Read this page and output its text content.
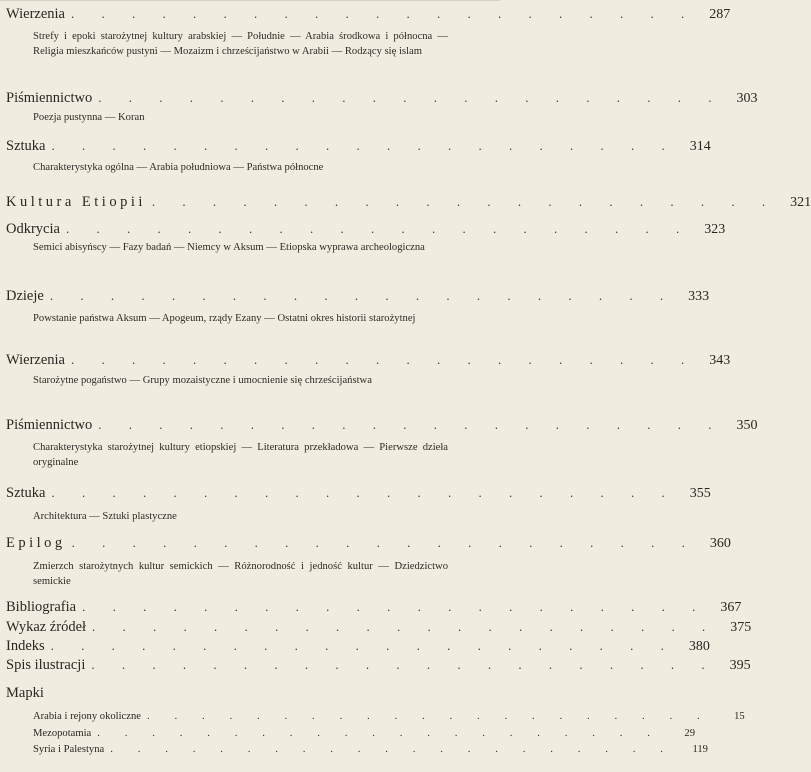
Wierzenia . . . . . . . . . . . . . . . . . . . . . 287
Strefy i epoki starożytnej kultury arabskiej — Południe — Arabia środkowa i północna — Religia mieszkańców pustyni — Mozaizm i chrześcijaństwo w Arabii — Rodzący się islam
Piśmiennictwo . . . . . . . . . . . . . . . . . . . . . 303
Poezja pustynna — Koran
Sztuka . . . . . . . . . . . . . . . . . . . . . 314
Charakterystyka ogólna — Arabia południowa — Państwa północne
Kultura Etiopii . . . . . . . . . . . . . . . . . . . . . 321
Odkrycia . . . . . . . . . . . . . . . . . . . . . 323
Semici abisyńscy — Fazy badań — Niemcy w Aksum — Etiopska wyprawa archeologiczna
Dzieje . . . . . . . . . . . . . . . . . . . . . 333
Powstanie państwa Aksum — Apogeum, rządy Ezany — Ostatni okres historii starożytnej
Wierzenia . . . . . . . . . . . . . . . . . . . . . 343
Starożytne pogaństwo — Grupy mozaistyczne i umocnienie się chrześcijaństwa
Piśmiennictwo . . . . . . . . . . . . . . . . . . . . . 350
Charakterystyka starożytnej kultury etiopskiej — Literatura przekładowa — Pierwsze dzieła oryginalne
Sztuka . . . . . . . . . . . . . . . . . . . . . 355
Architektura — Sztuki plastyczne
Epilog . . . . . . . . . . . . . . . . . . . . . 360
Zmierzch starożytnych kultur semickich — Różnorodność i jedność kultur — Dziedzictwo semickie
Bibliografia . . . . . . . . . . . . . . . . . . . . . 367
Wykaz źródeł . . . . . . . . . . . . . . . . . . . . . 375
Indeks . . . . . . . . . . . . . . . . . . . . . 380
Spis ilustracji . . . . . . . . . . . . . . . . . . . . . 395
Mapki
Arabia i rejony okoliczne . . . . . . . . . . . . . . . . . . . . .	15
Mezopotamia . . . . . . . . . . . . . . . . . . . . .	29
Syria i Palestyna . . . . . . . . . . . . . . . . . . . . .	119
